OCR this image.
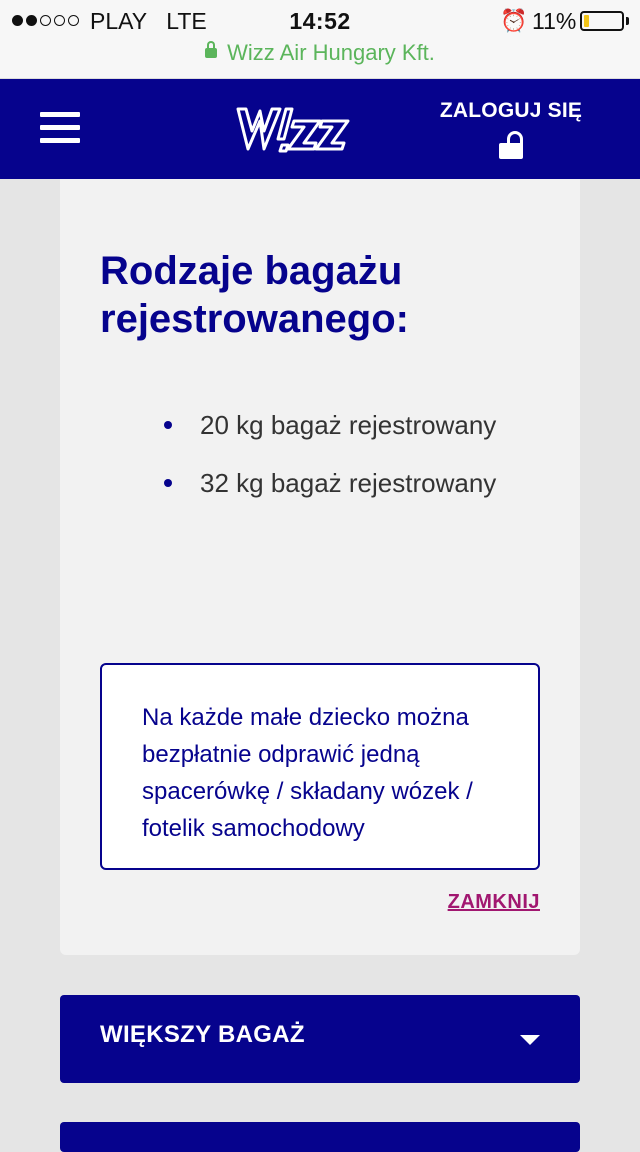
PLAY LTE	14:52	⏰ 11%
Wizz Air Hungary Kft.
ZALOGUJ SIĘ
Rodzaje bagażu rejestrowanego:
20 kg bagaż rejestrowany
32 kg bagaż rejestrowany
Na każde małe dziecko można bezpłatnie odprawić jedną spacerówkę / składany wózek / fotelik samochodowy
ZAMKNIJ
WIĘKSZY BAGAŻ
